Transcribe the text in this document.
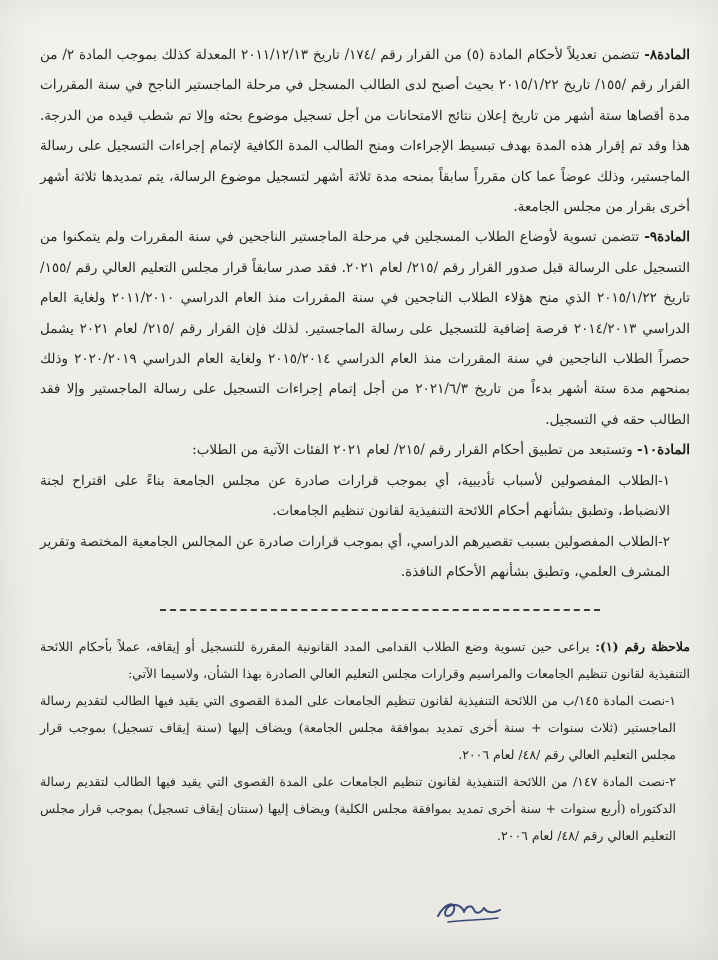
المادة٨- تتضمن تعديلاً لأحكام المادة (٥) من القرار رقم /١٧٤/ تاريخ ٢٠١١/١٢/١٣ المعدلة كذلك بموجب المادة ٢/ من القرار رقم /١٥٥/ تاريخ ٢٠١٥/١/٢٢ بحيث أصبح لدى الطالب المسجل في مرحلة الماجستير الناجح في سنة المقررات مدة أقصاها ستة أشهر من تاريخ إعلان نتائج الامتحانات من أجل تسجيل موضوع بحثه وإلا تم شطب قيده من الدرجة. هذا وقد تم إقرار هذه المدة بهدف تبسيط الإجراءات ومنح الطالب المدة الكافية لإتمام إجراءات التسجيل على رسالة الماجستير، وذلك عوضاً عما كان مقرراً سابقاً بمنحه مدة ثلاثة أشهر لتسجيل موضوع الرسالة، يتم تمديدها ثلاثة أشهر أخرى بقرار من مجلس الجامعة.

المادة٩- تتضمن تسوية لأوضاع الطلاب المسجلين في مرحلة الماجستير الناجحين في سنة المقررات ولم يتمكنوا من التسجيل على الرسالة قبل صدور القرار رقم /٢١٥/ لعام ٢٠٢١. فقد صدر سابقاً قرار مجلس التعليم العالي رقم /١٥٥/ تاريخ ٢٠١٥/١/٢٢ الذي منح هؤلاء الطلاب الناجحين في سنة المقررات منذ العام الدراسي ٢٠١١/٢٠١٠ ولغاية العام الدراسي ٢٠١٤/٢٠١٣ فرصة إضافية للتسجيل على رسالة الماجستير. لذلك فإن القرار رقم /٢١٥/ لعام ٢٠٢١ يشمل حصراً الطلاب الناجحين في سنة المقررات منذ العام الدراسي ٢٠١٥/٢٠١٤ ولغاية العام الدراسي ٢٠٢٠/٢٠١٩ وذلك بمنحهم مدة ستة أشهر بدءاً من تاريخ ٢٠٢١/٦/٣ من أجل إتمام إجراءات التسجيل على رسالة الماجستير وإلا فقد الطالب حقه في التسجيل.

المادة١٠- وتستبعد من تطبيق أحكام القرار رقم /٢١٥/ لعام ٢٠٢١ الفئات الآتية من الطلاب:

١-الطلاب المفصولين لأسباب تأديبية، أي بموجب قرارات صادرة عن مجلس الجامعة بناءً على اقتراح لجنة الانضباط، وتطبق بشأنهم أحكام اللائحة التنفيذية لقانون تنظيم الجامعات.
٢-الطلاب المفصولين بسبب تقصيرهم الدراسي، أي بموجب قرارات صادرة عن المجالس الجامعية المختصة وتقرير المشرف العلمي، وتطبق بشأنهم الأحكام النافذة.

ملاحظة رقم (١): يراعى حين تسوية وضع الطلاب القدامى المدد القانونية المقررة للتسجيل أو إيقافه، عملاً بأحكام اللائحة التنفيذية لقانون تنظيم الجامعات والمراسيم وقرارات مجلس التعليم العالي الصادرة بهذا الشأن، ولاسيما الآتي:

١-نصت المادة ١٤٥/ب من اللائحة التنفيذية لقانون تنظيم الجامعات على المدة القصوى التي يقيد فيها الطالب لتقديم رسالة الماجستير (ثلاث سنوات + سنة أخرى تمديد بموافقة مجلس الجامعة) ويضاف إليها (سنة إيقاف تسجيل) بموجب قرار مجلس التعليم العالي رقم /٤٨/ لعام ٢٠٠٦.
٢-نصت المادة ١٤٧/ من اللائحة التنفيذية لقانون تنظيم الجامعات على المدة القصوى التي يقيد فيها الطالب لتقديم رسالة الدكتوراه (أربع سنوات + سنة أخرى تمديد بموافقة مجلس الكلية) ويضاف إليها (سنتان إيقاف تسجيل) بموجب قرار مجلس التعليم العالي رقم /٤٨/ لعام ٢٠٠٦.
